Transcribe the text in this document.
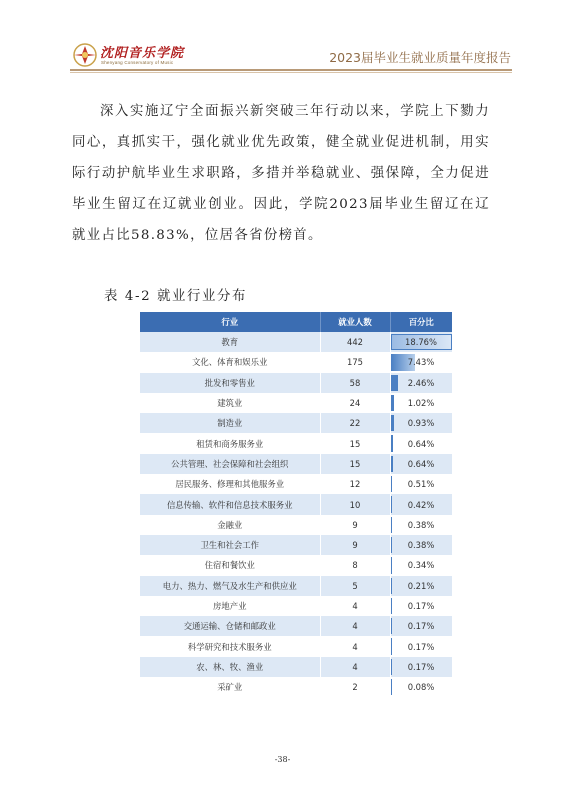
沈阳音乐学院
Shenyang Conservatory of Music	2023届毕业生就业质量年度报告
深入实施辽宁全面振兴新突破三年行动以来，学院上下勠力同心，真抓实干，强化就业优先政策，健全就业促进机制，用实际行动护航毕业生求职路，多措并举稳就业、强保障，全力促进毕业生留辽在辽就业创业。因此，学院2023届毕业生留辽在辽就业占比58.83%，位居各省份榜首。
表 4-2 就业行业分布
行业	就业人数	百分比
教育	442	18.76%
文化、体育和娱乐业	175	7.43%
批发和零售业	58	2.46%
建筑业	24	1.02%
制造业	22	0.93%
租赁和商务服务业	15	0.64%
公共管理、社会保障和社会组织	15	0.64%
居民服务、修理和其他服务业	12	0.51%
信息传输、软件和信息技术服务业	10	0.42%
金融业	9	0.38%
卫生和社会工作	9	0.38%
住宿和餐饮业	8	0.34%
电力、热力、燃气及水生产和供应业	5	0.21%
房地产业	4	0.17%
交通运输、仓储和邮政业	4	0.17%
科学研究和技术服务业	4	0.17%
农、林、牧、渔业	4	0.17%
采矿业	2	0.08%
-38-
